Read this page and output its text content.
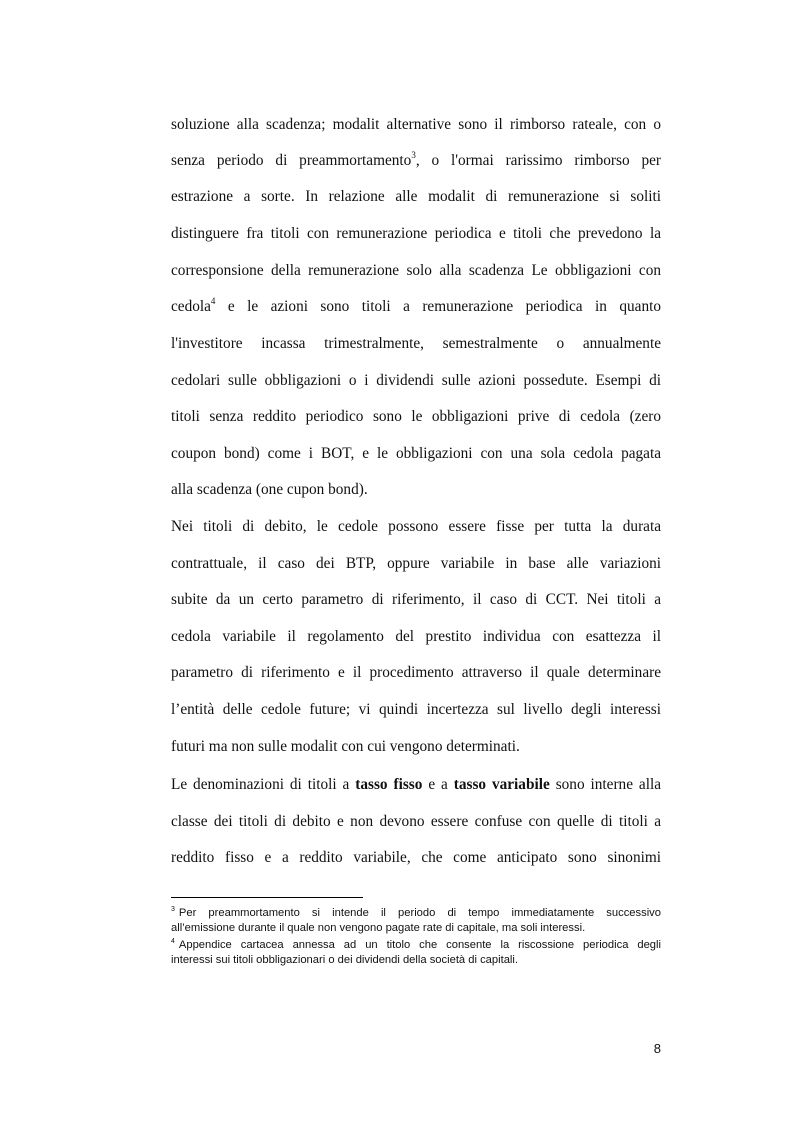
soluzione alla scadenza; modalit alternative sono il rimborso rateale, con o
senza periodo di preammortamento$^3$, o l'ormai rarissimo rimborso per
estrazione a sorte. In relazione alle modalit di remunerazione si soliti
distinguere fra titoli con remunerazione periodica e titoli che prevedono la
corresponsione della remunerazione solo alla scadenza Le obbligazioni con
cedola$^4$ e le azioni sono titoli a remunerazione periodica in quanto
l'investitore incassa trimestralmente, semestralmente o annualmente
cedolari sulle obbligazioni o i dividendi sulle azioni possedute. Esempi di
titoli senza reddito periodico sono le obbligazioni prive di cedola (zero
coupon bond) come i BOT, e le obbligazioni con una sola cedola pagata
alla scadenza (one cupon bond).
Nei titoli di debito, le cedole possono essere fisse per tutta la durata
contrattuale, il caso dei BTP, oppure variabile in base alle variazioni
subite da un certo parametro di riferimento, il caso di CCT. Nei titoli a
cedola variabile il regolamento del prestito individua con esattezza il
parametro di riferimento e il procedimento attraverso il quale determinare
l’entità delle cedole future; vi quindi incertezza sul livello degli interessi
futuri ma non sulle modalit con cui vengono determinati.
Le denominazioni di titoli a tasso fisso e a tasso variabile sono interne alla
classe dei titoli di debito e non devono essere confuse con quelle di titoli a
reddito fisso e a reddito variabile, che come anticipato sono sinonimi
$^3$ Per preammortamento si intende il periodo di tempo immediatamente successivo
all’emissione durante il quale non vengono pagate rate di capitale, ma soli interessi.
$^4$ Appendice cartacea annessa ad un titolo che consente la riscossione periodica degli
interessi sui titoli obbligazionari o dei dividendi della società di capitali.
8
